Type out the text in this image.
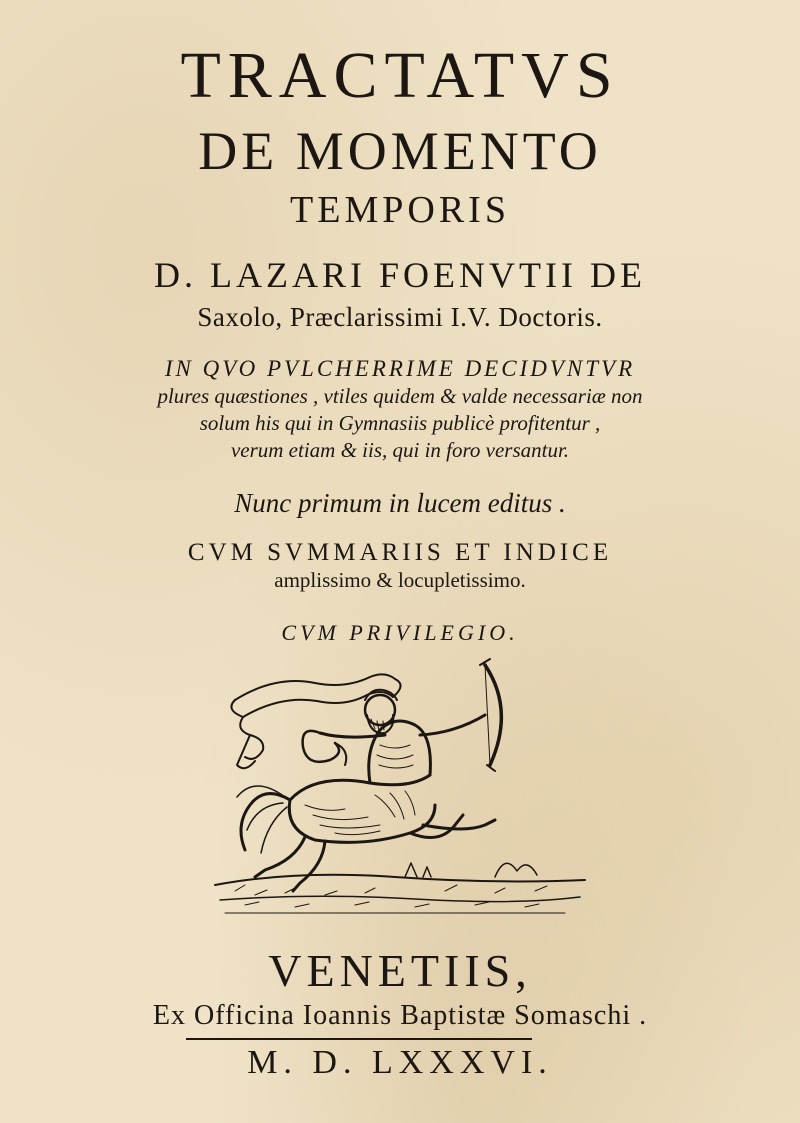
TRACTATVS
DE MOMENTO
TEMPORIS
D. LAZARI FOENVTII DE
Saxolo, Præclarissimi I.V. Doctoris.
IN QVO PVLCHERRIME DECIDVNTVR
plures quæstiones , vtiles quidem & valde necessariæ non
solum his qui in Gymnasiis publicè profitentur ,
verum etiam & iis, qui in foro versantur.
Nunc primum in lucem editus .
CVM SVMMARIIS ET INDICE
amplissimo & locupletissimo.
CVM PRIVILEGIO.
VENETIIS,
Ex Officina Ioannis Baptistæ Somaschi .
M. D. LXXXVI.
